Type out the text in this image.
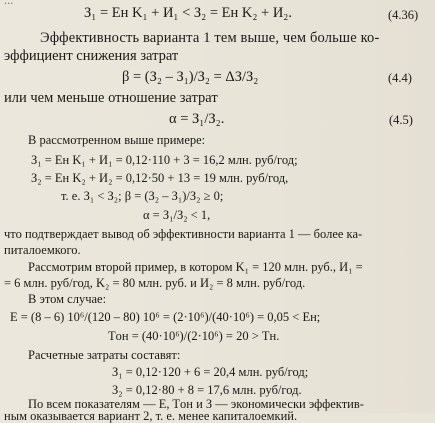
...
З₁ = Eн K₁ + И₁ < З₂ = Eн K₂ + И₂.	(4.36)
Эффективность варианта 1 тем выше, чем больше ко-
эффициент снижения затрат
β = (З₂ – З₁)/З₂ = ΔЗ/З₂	(4.4)
или чем меньше отношение затрат
α = З₁/З₂.	(4.5)
В рассмотренном выше примере:
З₁ = Eн K₁ + И₁ = 0,12·110 + 3 = 16,2 млн. руб/год;
З₂ = Eн K₂ + И₂ = 0,12·50 + 13 = 19 млн. руб/год,
т. е. З₁ < З₂; β = (З₂ – З₁)/З₂ ≥ 0;
α = З₁/З₂ < 1,
что подтверждает вывод об эффективности варианта 1 — более ка-
питалоемкого.
Рассмотрим второй пример, в котором K₁ = 120 млн. руб., И₁ =
= 6 млн. руб/год, K₂ = 80 млн. руб. и И₂ = 8 млн. руб/год.
В этом случае:
E = (8 – 6) 10⁶/(120 – 80) 10⁶ = (2·10⁶)/(40·10⁶) = 0,05 < Eн;
Tон = (40·10⁶)/(2·10⁶) = 20 > Tн.
Расчетные затраты составят:
З₁ = 0,12·120 + 6 = 20,4 млн. руб/год;
З₂ = 0,12·80 + 8 = 17,6 млн. руб/год.
По всем показателям — E, Tон и З — экономически эффектив-
ным оказывается вариант 2, т. е. менее капиталоемкий.
